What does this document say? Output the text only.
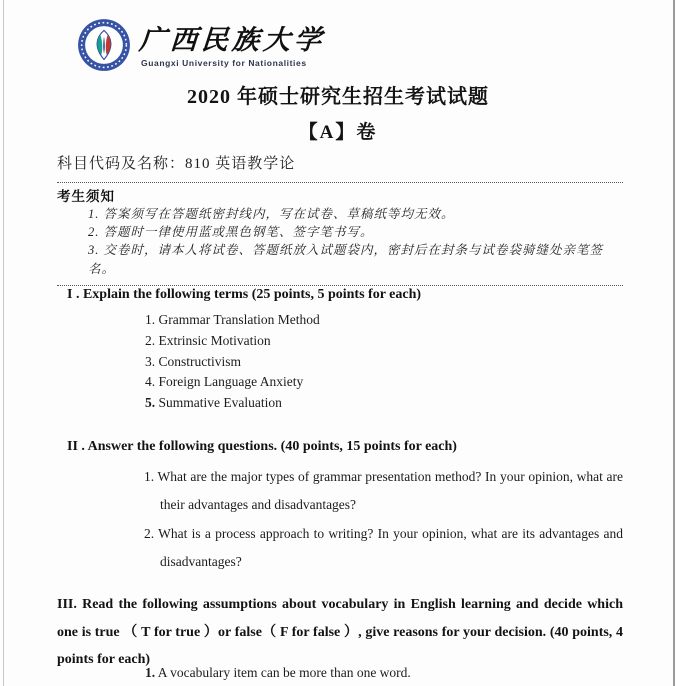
广西民族大学
Guangxi University for Nationalities
2020 年硕士研究生招生考试试题
【A】卷
科目代码及名称：810 英语教学论
考生须知
1. 答案须写在答题纸密封线内，写在试卷、草稿纸等均无效。
2. 答题时一律使用蓝或黑色钢笔、签字笔书写。
3. 交卷时，请本人将试卷、答题纸放入试题袋内，密封后在封条与试卷袋骑缝处亲笔签名。
I . Explain the following terms (25 points, 5 points for each)
1. Grammar Translation Method
2. Extrinsic Motivation
3. Constructivism
4. Foreign Language Anxiety
5. Summative Evaluation
II . Answer the following questions. (40 points, 15 points for each)

1. What are the major types of grammar presentation method? In your opinion, what are their advantages and disadvantages?

2. What is a process approach to writing? In your opinion, what are its advantages and disadvantages?

III. Read the following assumptions about vocabulary in English learning and decide which one is true （ T for true ）or false（ F for false ）, give reasons for your decision. (40 points, 4 points for each)
1. A vocabulary item can be more than one word.
